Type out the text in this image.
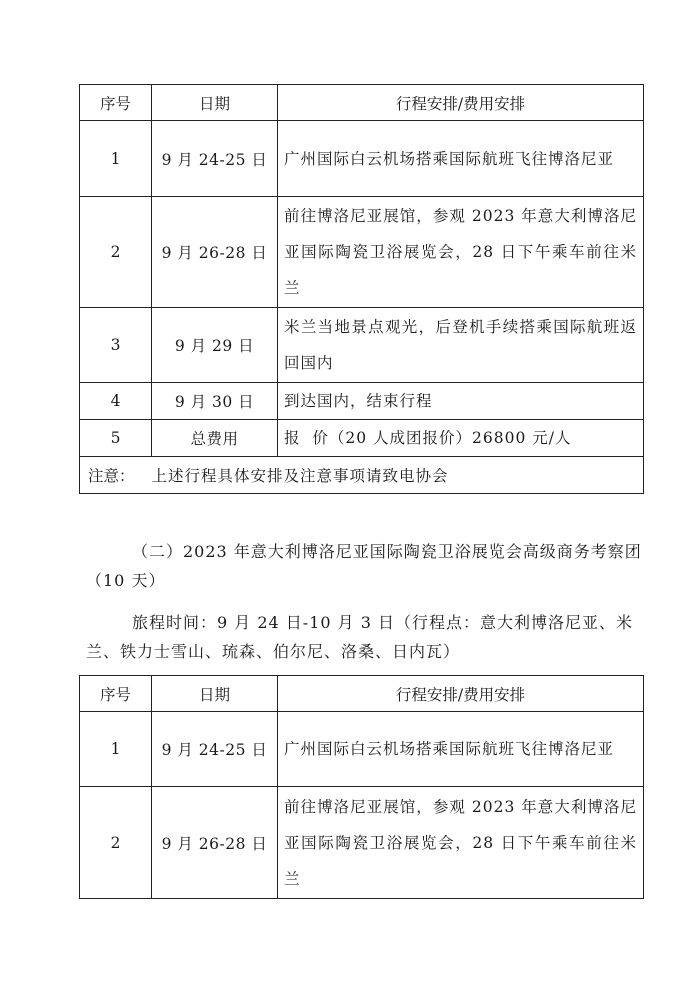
序号	日期	行程安排/费用安排
1	9 月 24-25 日	广州国际白云机场搭乘国际航班飞往博洛尼亚
2	9 月 26-28 日	前往博洛尼亚展馆，参观 2023 年意大利博洛尼亚国际陶瓷卫浴展览会，28 日下午乘车前往米兰
3	9 月 29 日	米兰当地景点观光，后登机手续搭乘国际航班返回国内
4	9 月 30 日	到达国内，结束行程
5	总费用	报  价（20 人成团报价）26800 元/人
注意：	上述行程具体安排及注意事项请致电协会	

（二）2023 年意大利博洛尼亚国际陶瓷卫浴展览会高级商务考察团（10 天）

旅程时间：9 月 24 日-10 月 3 日（行程点：意大利博洛尼亚、米兰、铁力士雪山、琉森、伯尔尼、洛桑、日内瓦）

序号	日期	行程安排/费用安排
1	9 月 24-25 日	广州国际白云机场搭乘国际航班飞往博洛尼亚
2	9 月 26-28 日	前往博洛尼亚展馆，参观 2023 年意大利博洛尼亚国际陶瓷卫浴展览会，28 日下午乘车前往米兰
